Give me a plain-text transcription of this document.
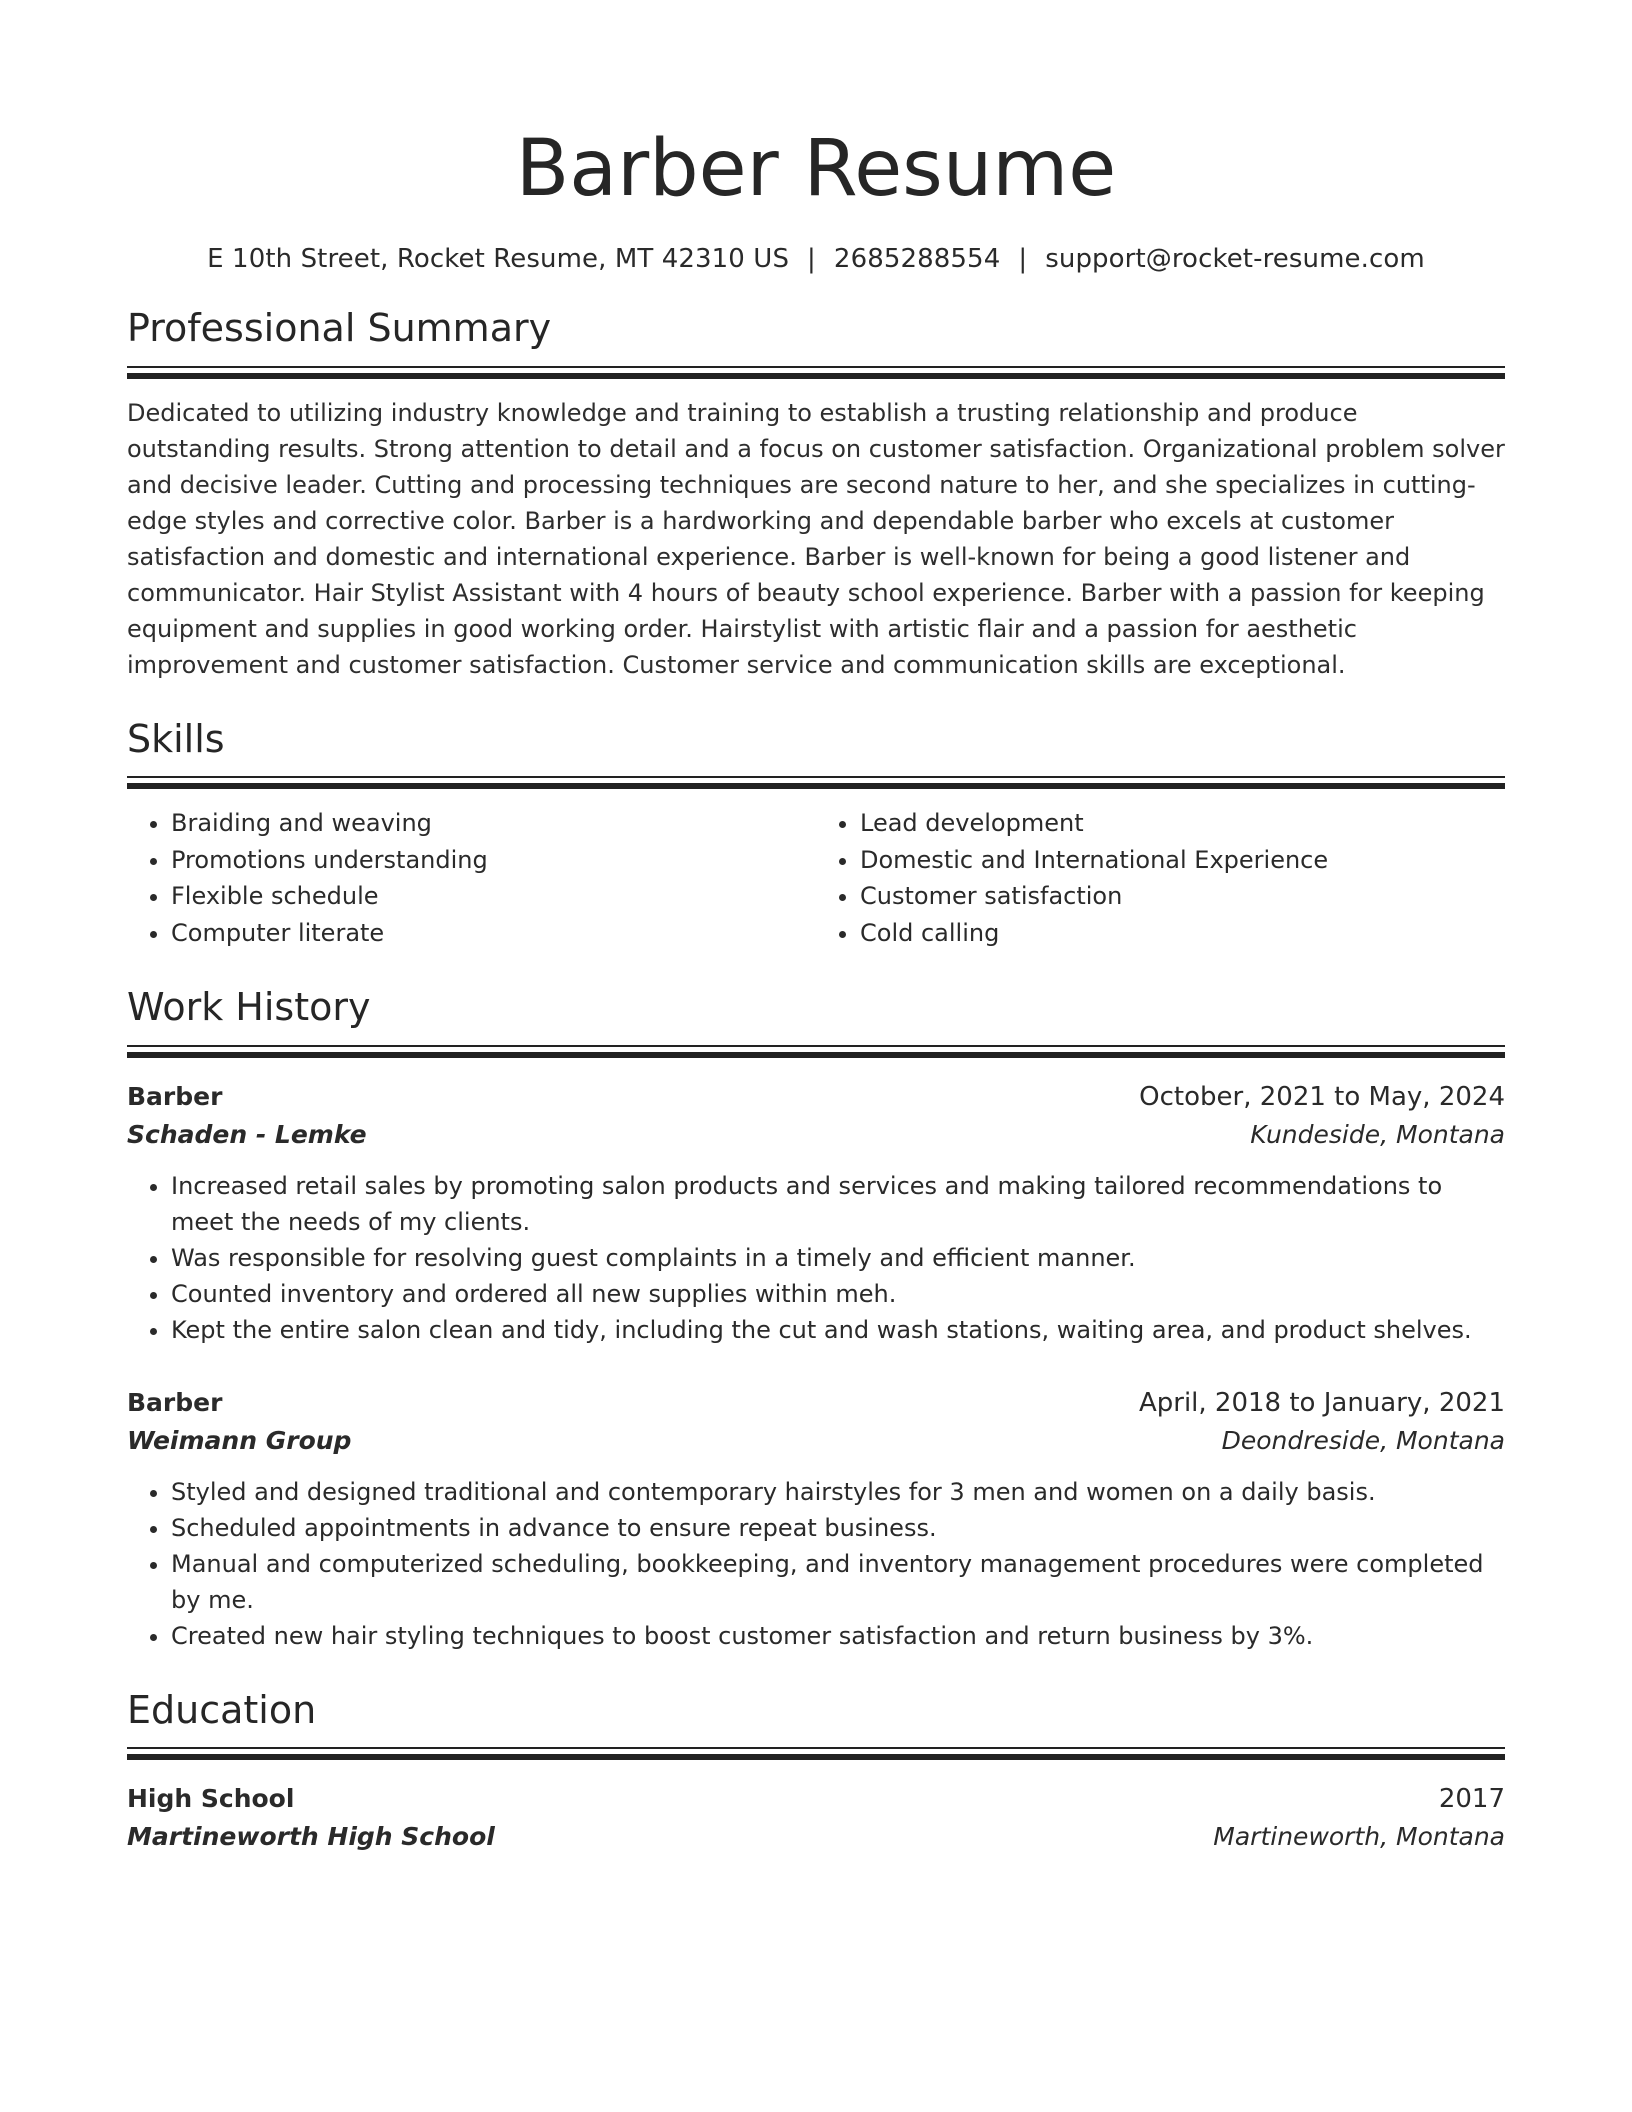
Barber Resume
E 10th Street, Rocket Resume, MT 42310 US | 2685288554 | support@rocket-resume.com
Professional Summary
Dedicated to utilizing industry knowledge and training to establish a trusting relationship and produce outstanding results. Strong attention to detail and a focus on customer satisfaction. Organizational problem solver and decisive leader. Cutting and processing techniques are second nature to her, and she specializes in cutting-edge styles and corrective color. Barber is a hardworking and dependable barber who excels at customer satisfaction and domestic and international experience. Barber is well-known for being a good listener and communicator. Hair Stylist Assistant with 4 hours of beauty school experience. Barber with a passion for keeping equipment and supplies in good working order. Hairstylist with artistic flair and a passion for aesthetic improvement and customer satisfaction. Customer service and communication skills are exceptional.
Skills
• Braiding and weaving
• Promotions understanding
• Flexible schedule
• Computer literate
• Lead development
• Domestic and International Experience
• Customer satisfaction
• Cold calling
Work History
Barber	October, 2021 to May, 2024
Schaden - Lemke	Kundeside, Montana
• Increased retail sales by promoting salon products and services and making tailored recommendations to meet the needs of my clients.
• Was responsible for resolving guest complaints in a timely and efficient manner.
• Counted inventory and ordered all new supplies within meh.
• Kept the entire salon clean and tidy, including the cut and wash stations, waiting area, and product shelves.
Barber	April, 2018 to January, 2021
Weimann Group	Deondreside, Montana
• Styled and designed traditional and contemporary hairstyles for 3 men and women on a daily basis.
• Scheduled appointments in advance to ensure repeat business.
• Manual and computerized scheduling, bookkeeping, and inventory management procedures were completed by me.
• Created new hair styling techniques to boost customer satisfaction and return business by 3%.
Education
High School	2017
Martineworth High School	Martineworth, Montana
